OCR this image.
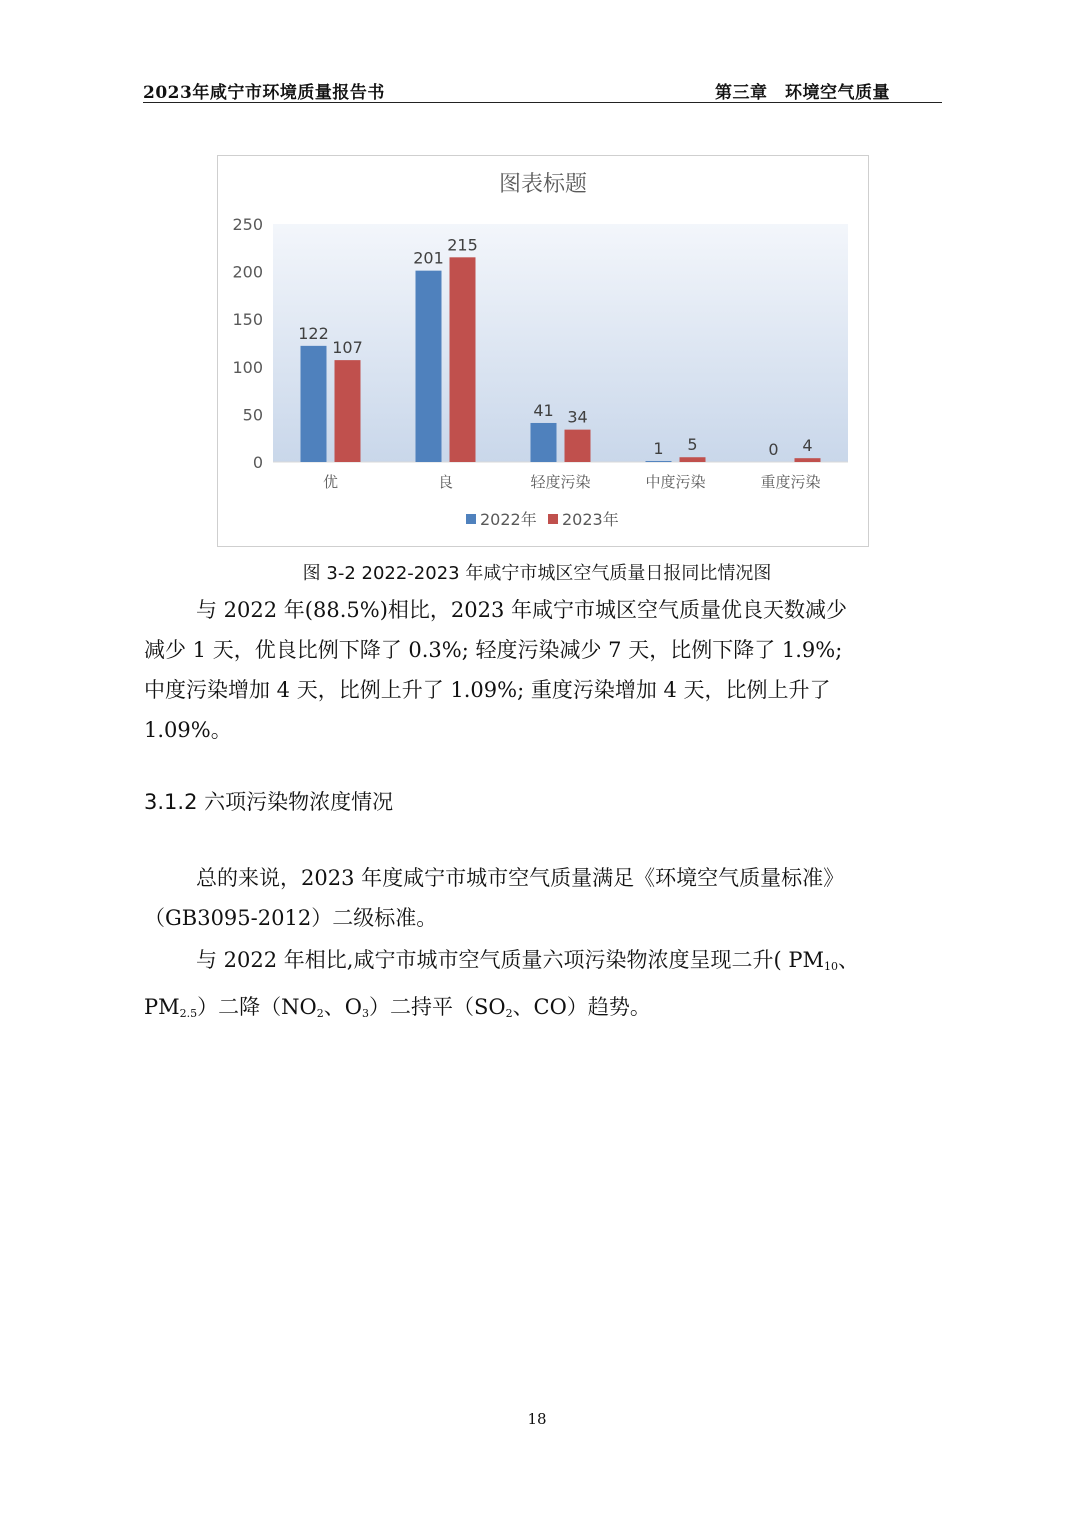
2023年咸宁市环境质量报告书	第三章　环境空气质量
图表标题
0
50
100
150
200
250
122
107
201
215
41 34
1 5	0 4
优	良	轻度污染	中度污染	重度污染
2022年 2023年
图 3-2 2022-2023 年咸宁市城区空气质量日报同比情况图

与 2022 年(88.5%)相比，2023 年咸宁市城区空气质量优良天数减少

减少 1 天，优良比例下降了 0.3%; 轻度污染减少 7 天，比例下降了 1.9%;

中度污染增加 4 天，比例上升了 1.09%; 重度污染增加 4 天，比例上升了

1.09%。

3.1.2 六项污染物浓度情况

总的来说，2023 年度咸宁市城市空气质量满足《环境空气质量标准》

（GB3095-2012）二级标准。

与 2022 年相比,咸宁市城市空气质量六项污染物浓度呈现二升( $PM_{10}$、

$PM_{2.5}$）二降（$NO_2$、$O_3$）二持平（$SO_2$、CO）趋势。

18
